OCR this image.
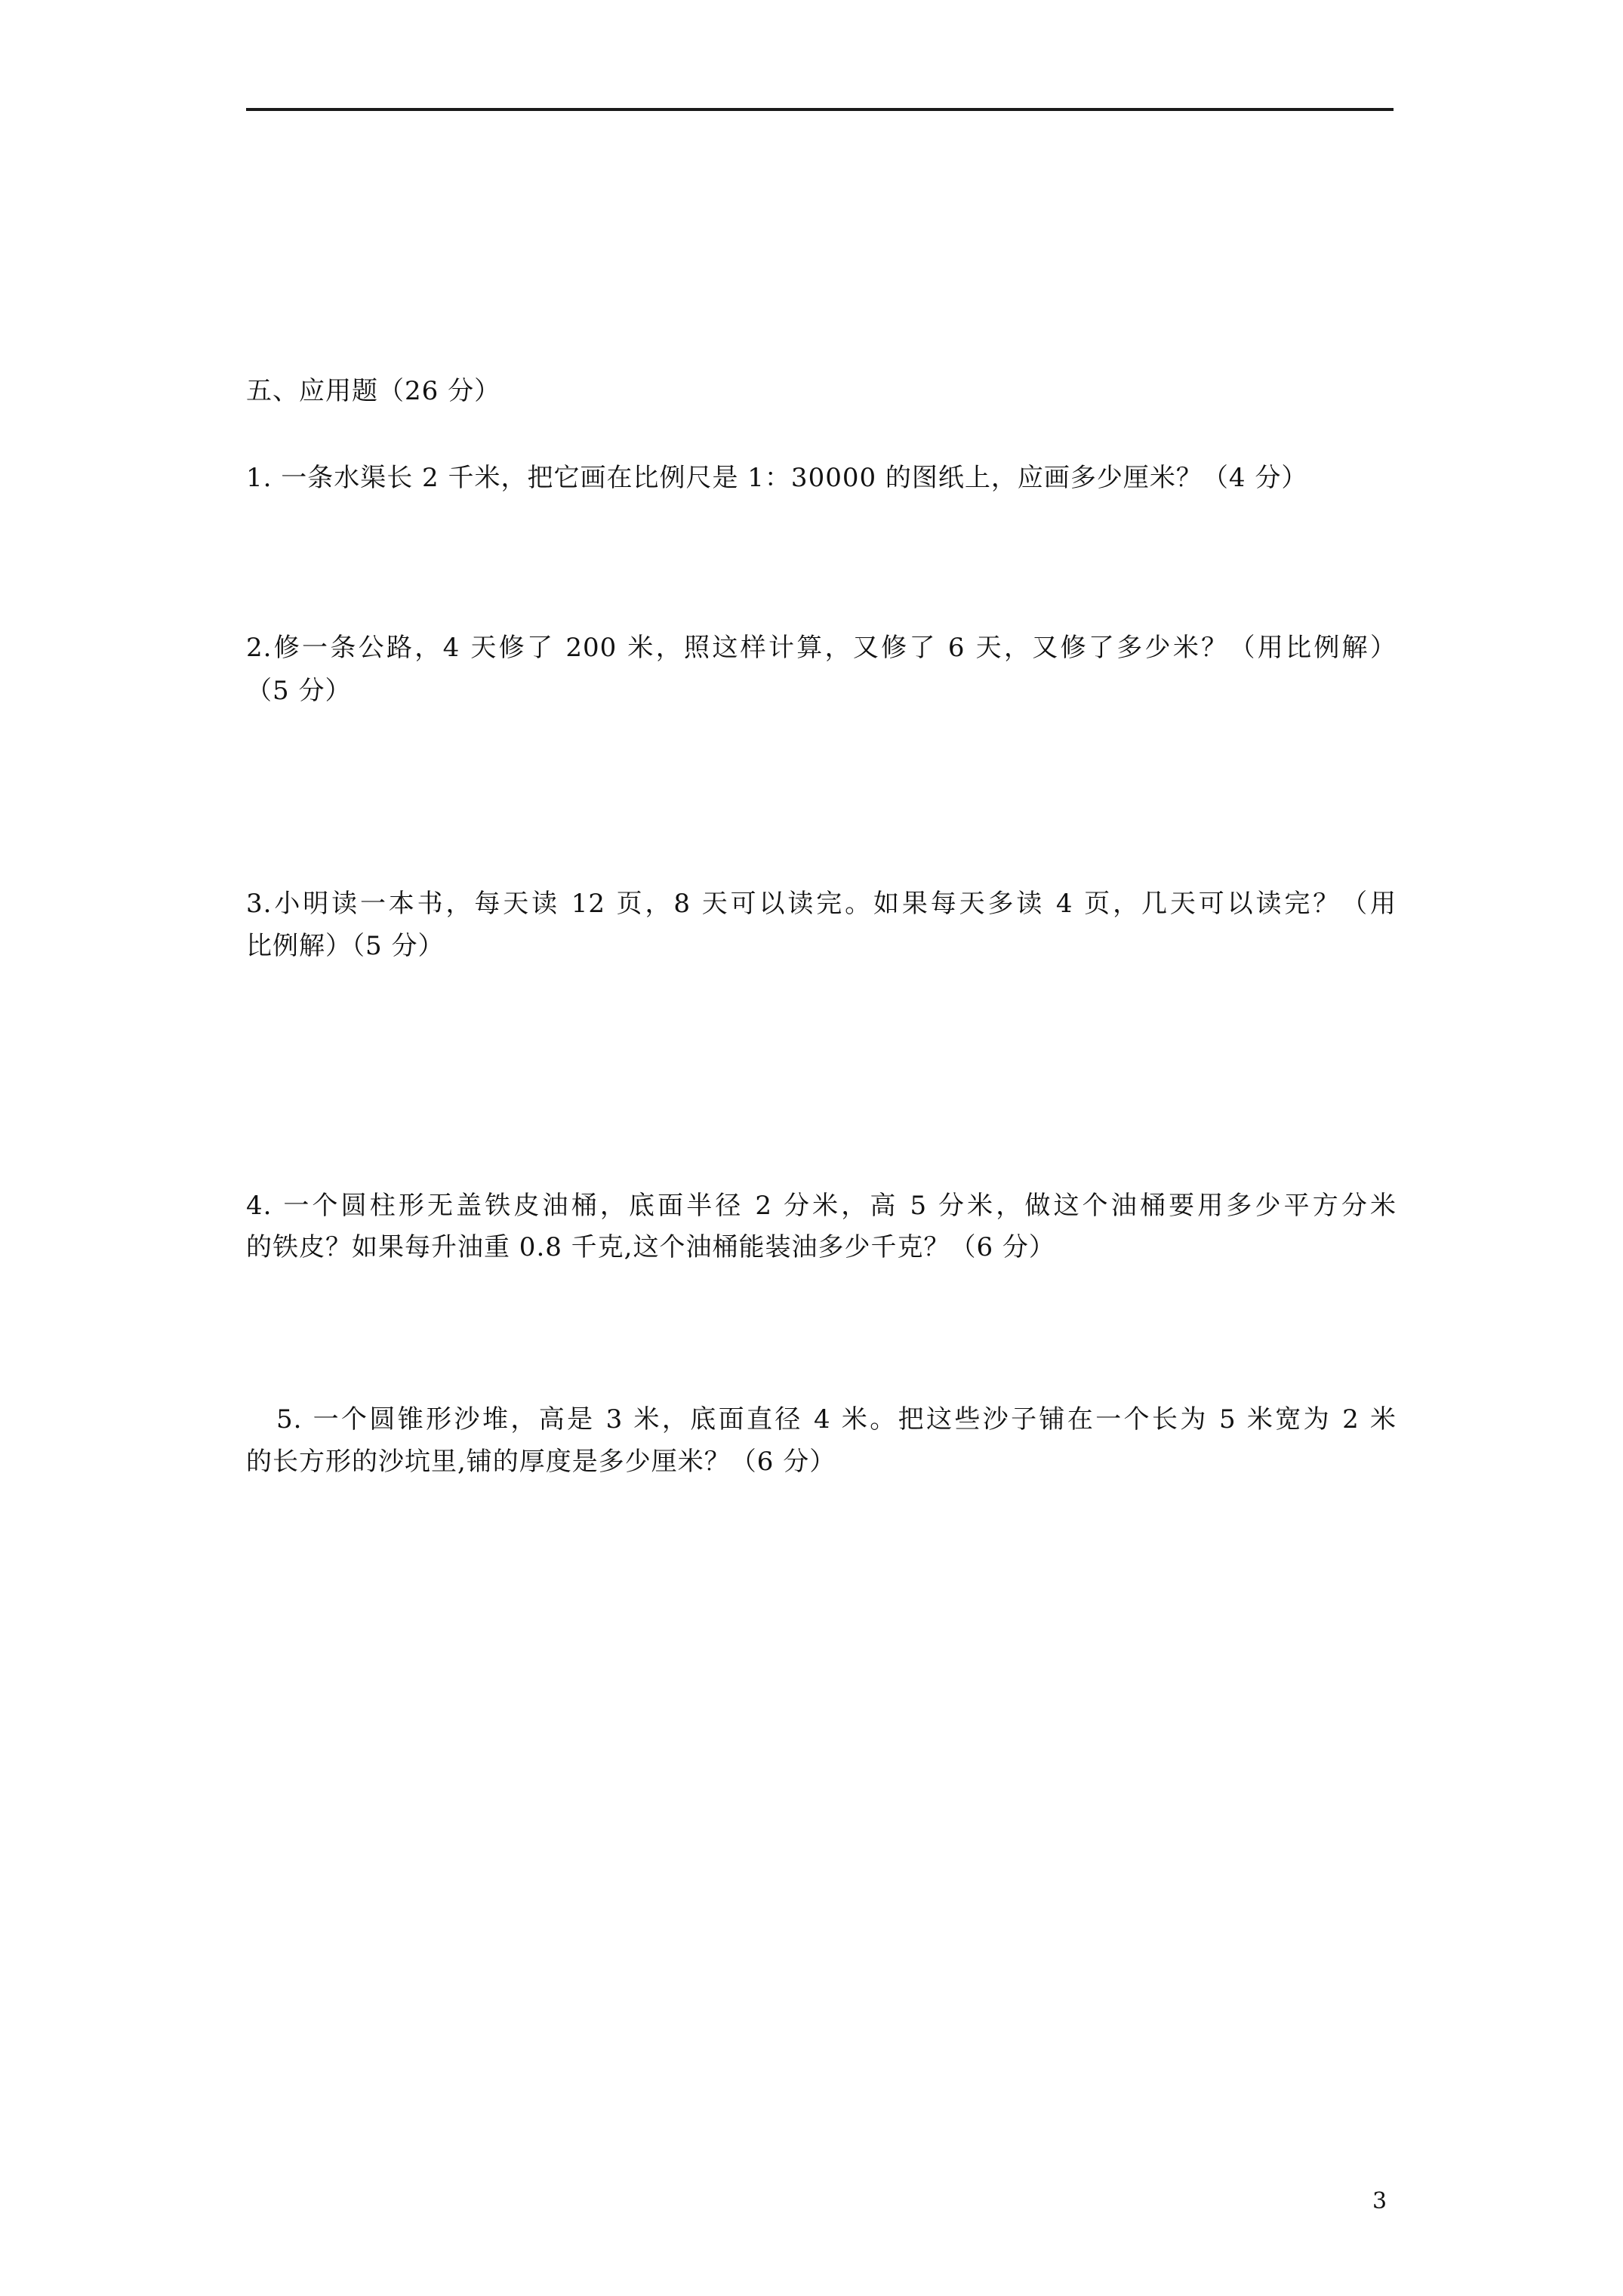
五、应用题（26 分）
1. 一条水渠长 2 千米，把它画在比例尺是 1：30000 的图纸上，应画多少厘米？（4 分）
2.修一条公路，4 天修了 200 米，照这样计算，又修了 6 天，又修了多少米？（用比例解）
（5 分）
3.小明读一本书，每天读 12 页，8 天可以读完。如果每天多读 4 页，几天可以读完？（用
比例解）（5 分）
4. 一个圆柱形无盖铁皮油桶，底面半径 2 分米，高 5 分米，做这个油桶要用多少平方分米
的铁皮？如果每升油重 0.8 千克,这个油桶能装油多少千克？（6 分）
5. 一个圆锥形沙堆，高是 3 米，底面直径 4 米。把这些沙子铺在一个长为 5 米宽为 2 米
的长方形的沙坑里,铺的厚度是多少厘米？（6 分）
3
